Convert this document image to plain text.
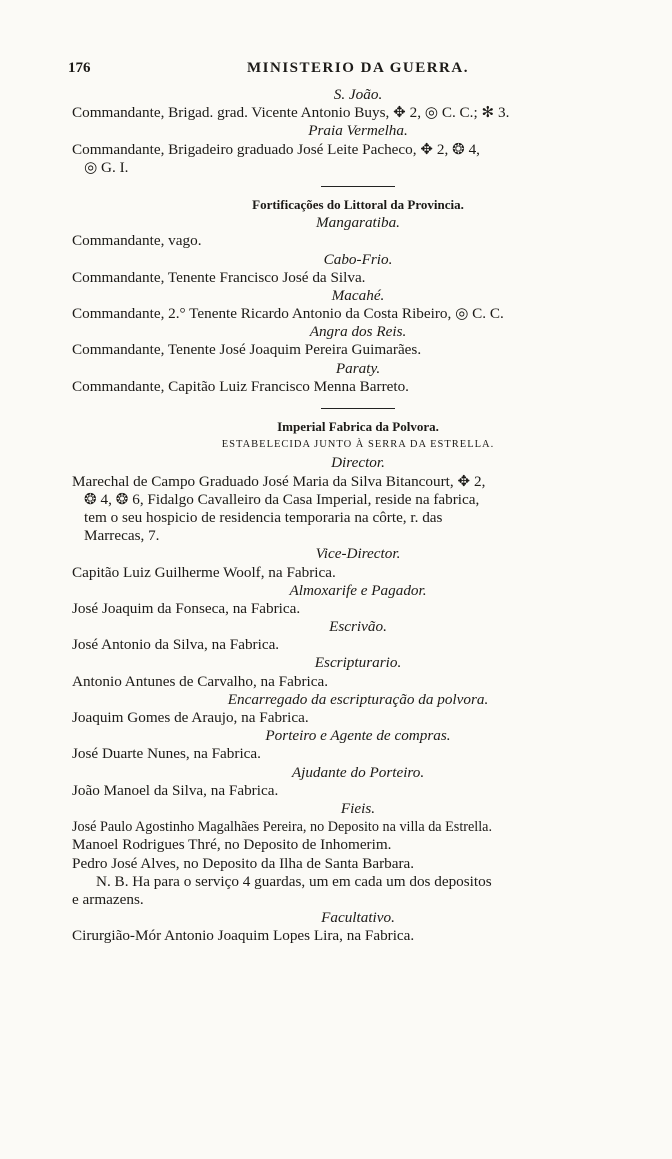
176	MINISTERIO DA GUERRA.
S. João.
Commandante, Brigad. grad. Vicente Antonio Buys, ✥ 2, ◎ C. C.; ✻ 3.
Praia Vermelha.
Commandante, Brigadeiro graduado José Leite Pacheco, ✥ 2, ❂ 4,
◎ G. I.
Fortificações do Littoral da Provincia.
Mangaratiba.
Commandante, vago.
Cabo-Frio.
Commandante, Tenente Francisco José da Silva.
Macahé.
Commandante, 2.° Tenente Ricardo Antonio da Costa Ribeiro, ◎ C. C.
Angra dos Reis.
Commandante, Tenente José Joaquim Pereira Guimarães.
Paraty.
Commandante, Capitão Luiz Francisco Menna Barreto.
Imperial Fabrica da Polvora.
ESTABELECIDA JUNTO À SERRA DA ESTRELLA.
Director.
Marechal de Campo Graduado José Maria da Silva Bitancourt, ✥ 2,
❂ 4, ❂ 6, Fidalgo Cavalleiro da Casa Imperial, reside na fabrica,
tem o seu hospicio de residencia temporaria na côrte, r. das
Marrecas, 7.
Vice-Director.
Capitão Luiz Guilherme Woolf, na Fabrica.
Almoxarife e Pagador.
José Joaquim da Fonseca, na Fabrica.
Escrivão.
José Antonio da Silva, na Fabrica.
Escripturario.
Antonio Antunes de Carvalho, na Fabrica.
Encarregado da escripturação da polvora.
Joaquim Gomes de Araujo, na Fabrica.
Porteiro e Agente de compras.
José Duarte Nunes, na Fabrica.
Ajudante do Porteiro.
João Manoel da Silva, na Fabrica.
Fieis.
José Paulo Agostinho Magalhães Pereira, no Deposito na villa da Estrella.
Manoel Rodrigues Thré, no Deposito de Inhomerim.
Pedro José Alves, no Deposito da Ilha de Santa Barbara.
N. B. Ha para o serviço 4 guardas, um em cada um dos depositos
e armazens.
Facultativo.
Cirurgião-Mór Antonio Joaquim Lopes Lira, na Fabrica.
